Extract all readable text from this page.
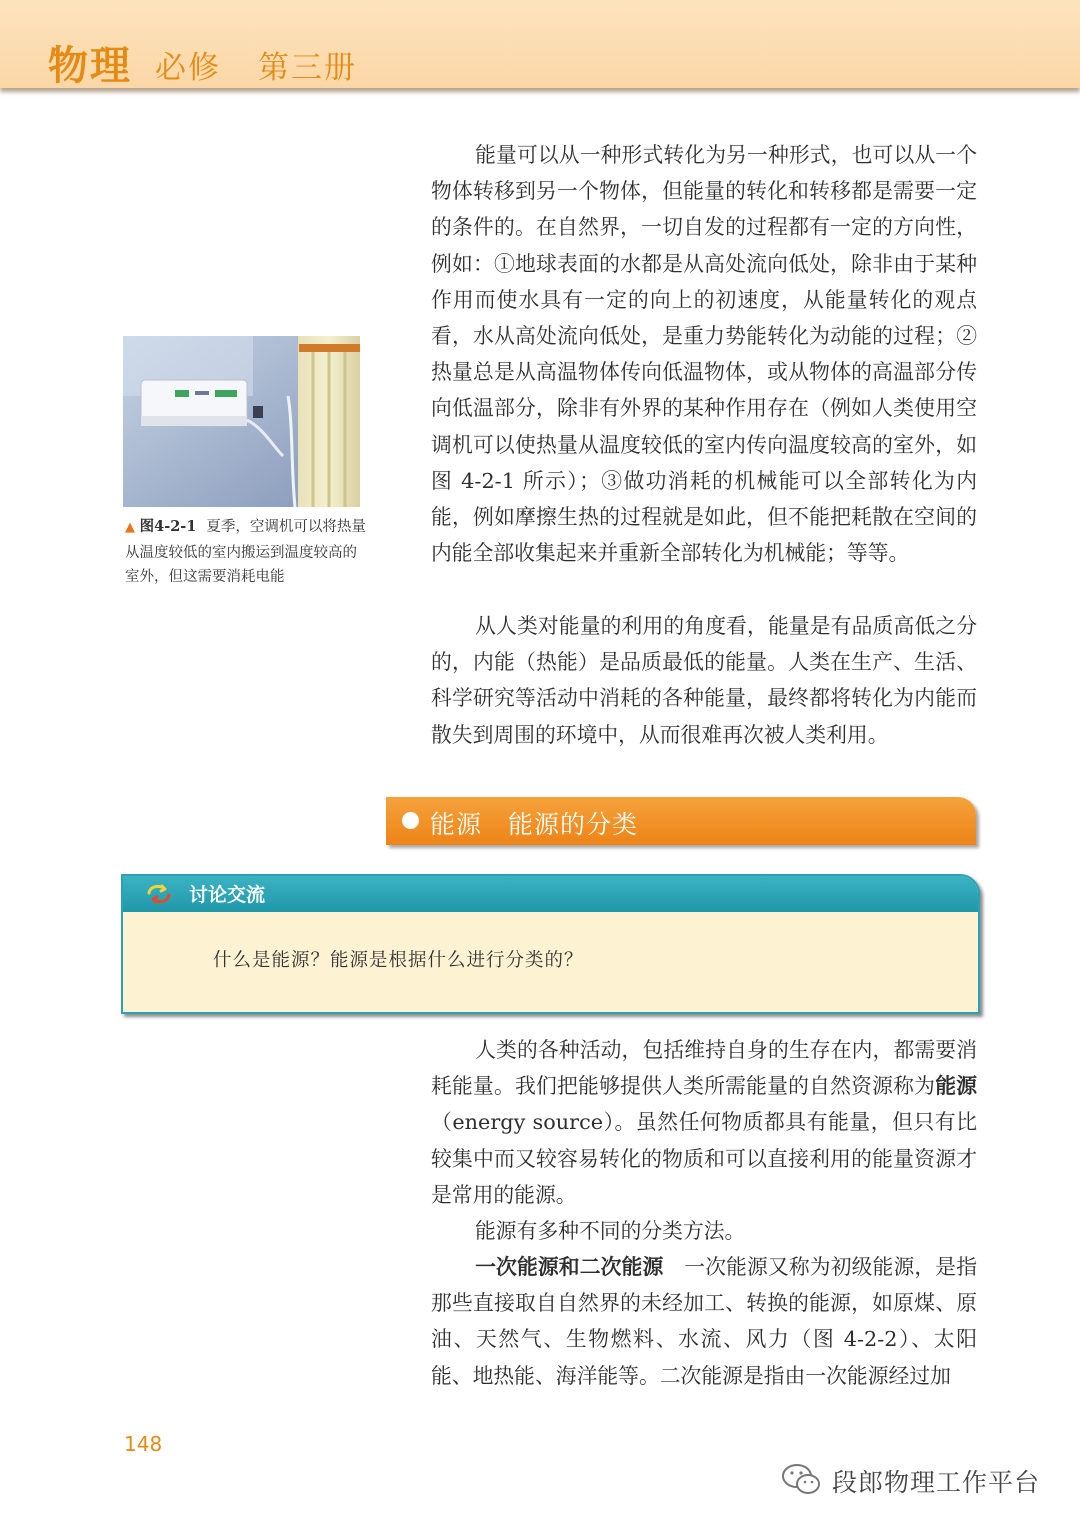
物理 必修 第三册

能量可以从一种形式转化为另一种形式，也可以从一个物体转移到另一个物体，但能量的转化和转移都是需要一定的条件的。在自然界，一切自发的过程都有一定的方向性，例如：①地球表面的水都是从高处流向低处，除非由于某种作用而使水具有一定的向上的初速度，从能量转化的观点看，水从高处流向低处，是重力势能转化为动能的过程；②热量总是从高温物体传向低温物体，或从物体的高温部分传向低温部分，除非有外界的某种作用存在（例如人类使用空调机可以使热量从温度较低的室内传向温度较高的室外，如图 4-2-1 所示）；③做功消耗的机械能可以全部转化为内能，例如摩擦生热的过程就是如此，但不能把耗散在空间的内能全部收集起来并重新全部转化为机械能；等等。

从人类对能量的利用的角度看，能量是有品质高低之分的，内能（热能）是品质最低的能量。人类在生产、生活、科学研究等活动中消耗的各种能量，最终都将转化为内能而散失到周围的环境中，从而很难再次被人类利用。

▲ 图4-2-1 夏季，空调机可以将热量从温度较低的室内搬运到温度较高的室外，但这需要消耗电能
能源　能源的分类
讨论交流
什么是能源？能源是根据什么进行分类的？

人类的各种活动，包括维持自身的生存在内，都需要消耗能量。我们把能够提供人类所需能量的自然资源称为能源（energy source）。虽然任何物质都具有能量，但只有比较集中而又较容易转化的物质和可以直接利用的能量资源才是常用的能源。

能源有多种不同的分类方法。

一次能源和二次能源　一次能源又称为初级能源，是指那些直接取自自然界的未经加工、转换的能源，如原煤、原油、天然气、生物燃料、水流、风力（图 4-2-2）、太阳能、地热能、海洋能等。二次能源是指由一次能源经过加

148
段郎物理工作平台
